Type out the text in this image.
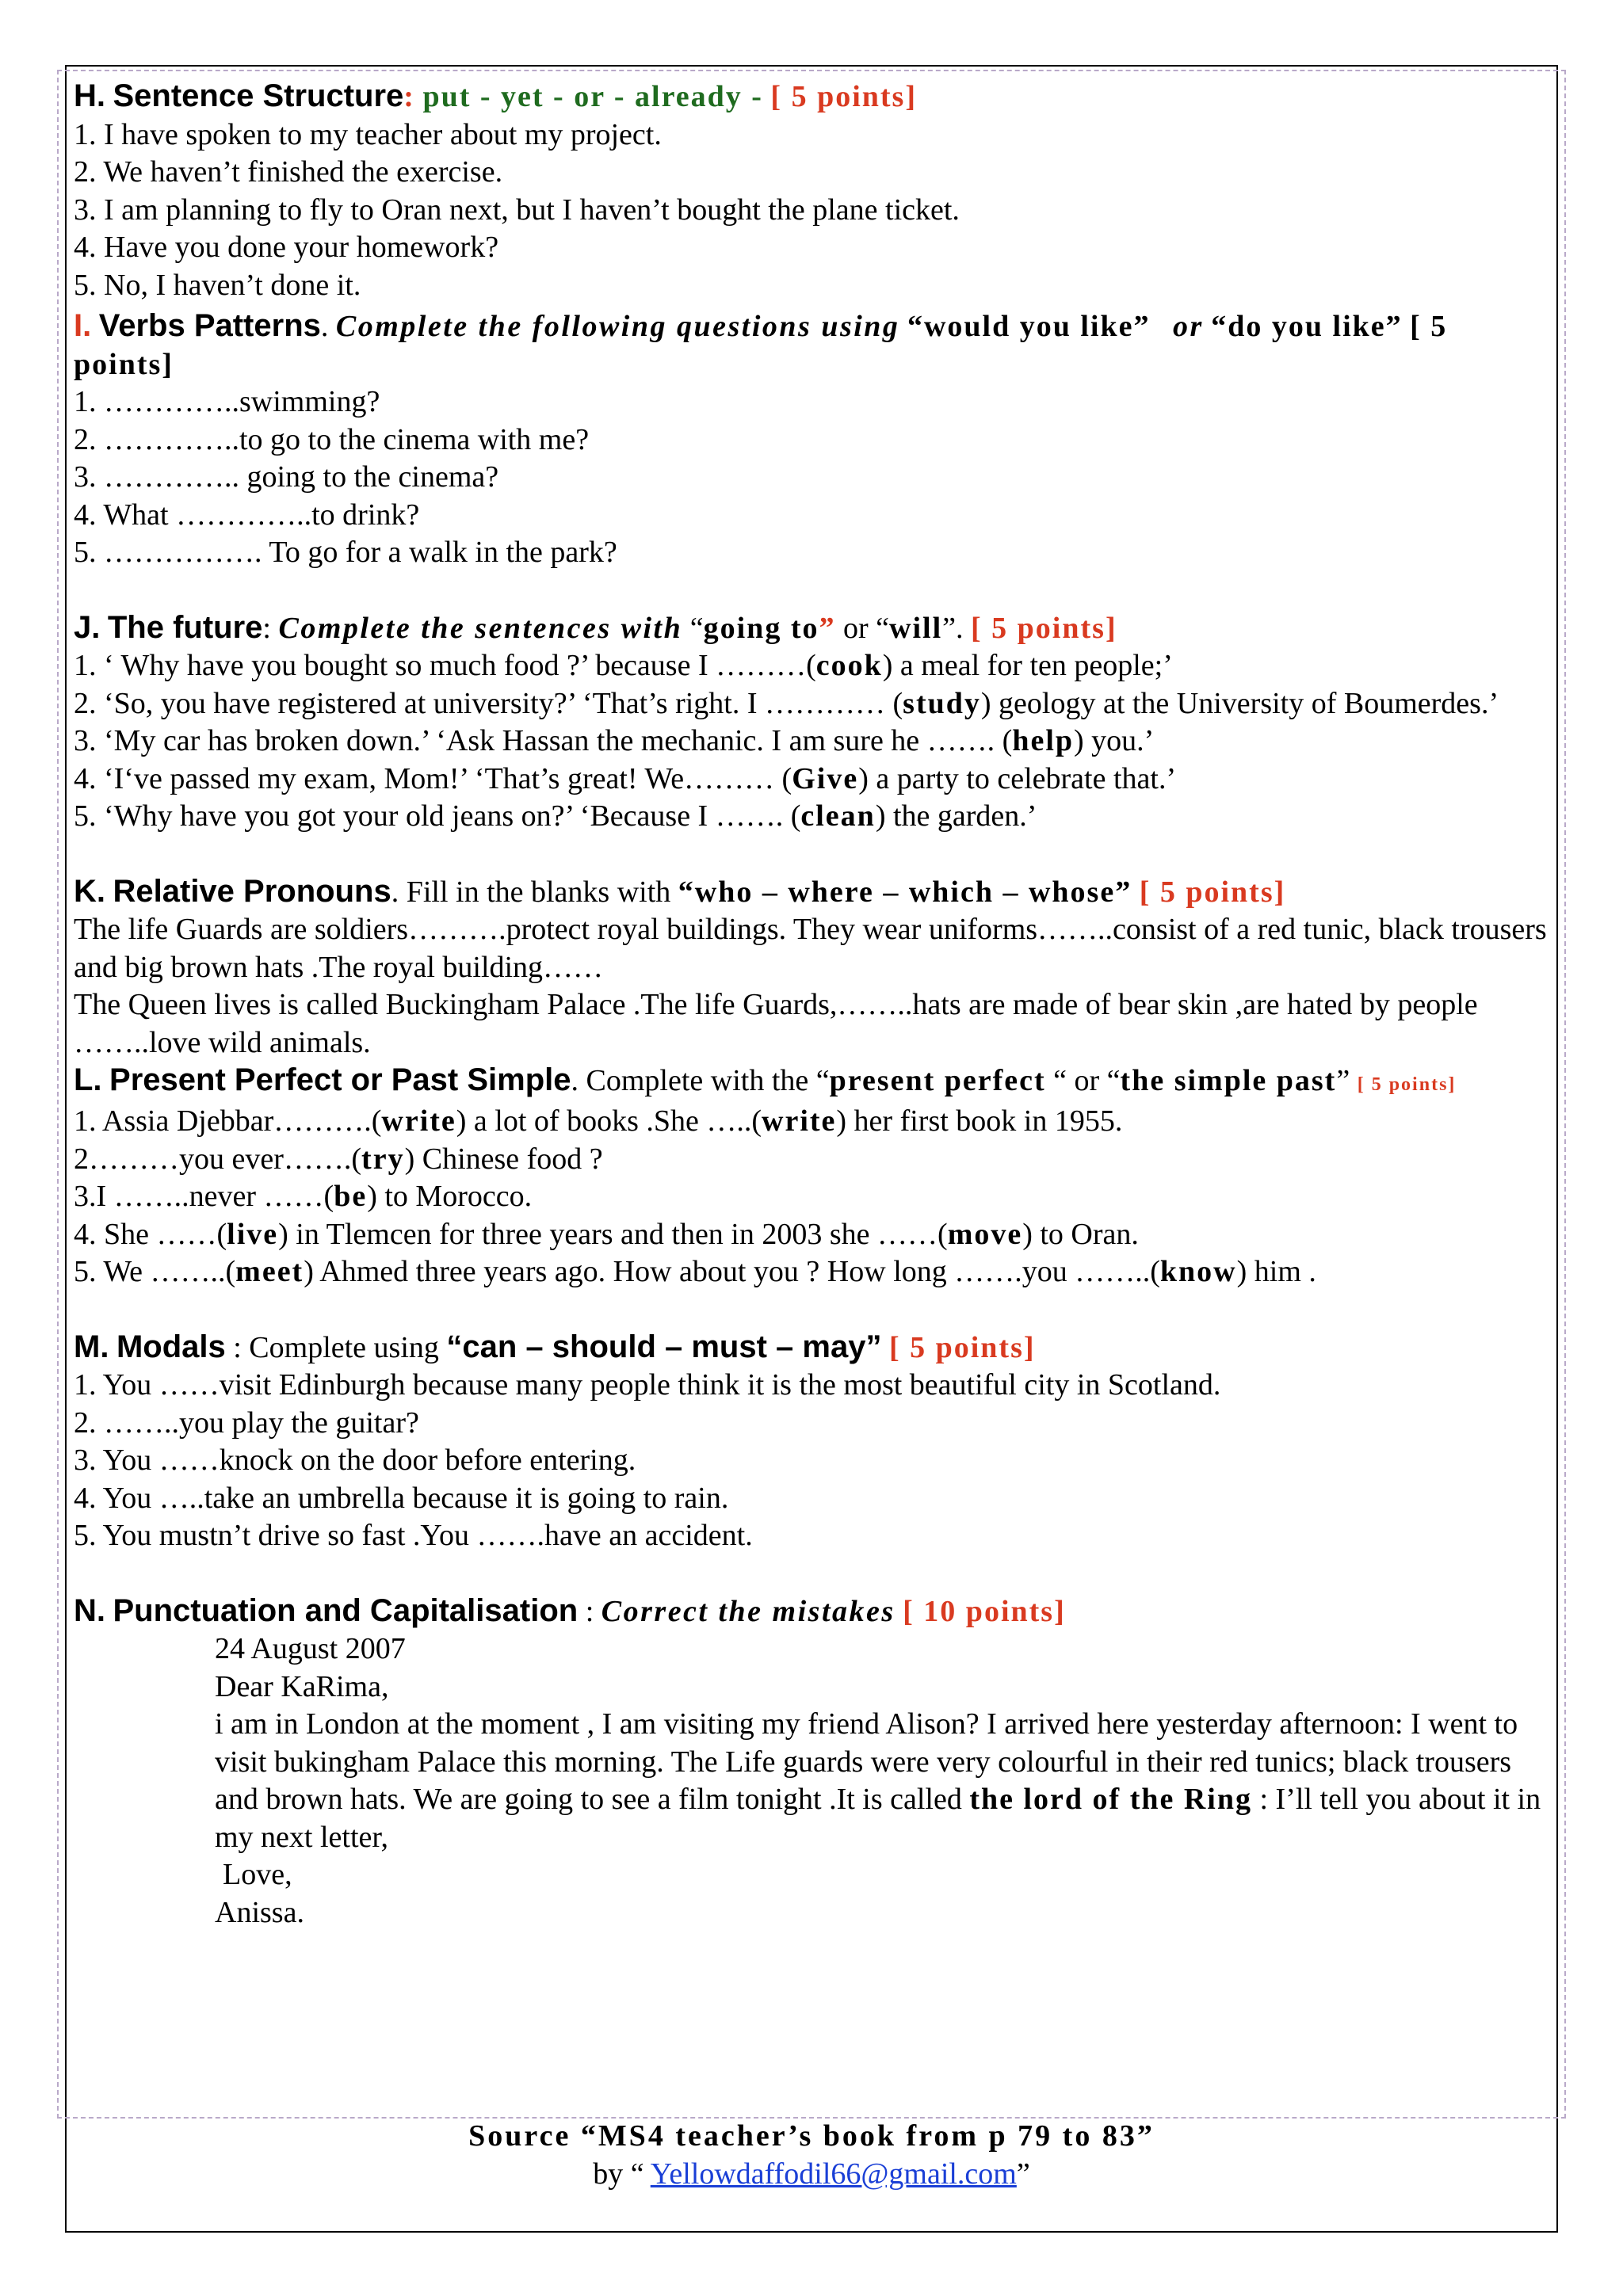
H. Sentence Structure: put - yet - or - already - [ 5 points]
1. I have spoken to my teacher about my project.
2. We haven’t finished the exercise.
3. I am planning to fly to Oran next, but I haven’t bought the plane ticket.
4. Have you done your homework?
5. No, I haven’t done it.
I. Verbs Patterns. Complete the following questions using “would you like” or “do you like” [ 5 points]
1. …………..swimming?
2. …………..to go to the cinema with me?
3. ………….. going to the cinema?
4. What …………..to drink?
5. ……………. To go for a walk in the park?
J. The future: Complete the sentences with “going to” or “will”. [ 5 points]
1. ‘ Why have you bought so much food ?’ because I ………(cook) a meal for ten people;’
2. ‘So, you have registered at university?’ ‘That’s right. I ………… (study) geology at the University of Boumerdes.’
3. ‘My car has broken down.’ ‘Ask Hassan the mechanic. I am sure he ……. (help) you.’
4. ‘I‘ve passed my exam, Mom!’ ‘That’s great! We……… (Give) a party to celebrate that.’
5. ‘Why have you got your old jeans on?’ ‘Because I ……. (clean) the garden.’
K. Relative Pronouns. Fill in the blanks with “who – where – which – whose” [ 5 points]
The life Guards are soldiers……….protect royal buildings. They wear uniforms……..consist of a red tunic, black trousers and big brown hats .The royal building……
The Queen lives is called Buckingham Palace .The life Guards,……..hats are made of bear skin ,are hated by people ……..love wild animals.
L. Present Perfect or Past Simple. Complete with the “present perfect “ or “the simple past” [ 5 points]
1. Assia Djebbar……….(write) a lot of books .She …..(write) her first book in 1955.
2………you ever…….(try) Chinese food ?
3.I ……..never ……(be) to Morocco.
4. She ……(live) in Tlemcen for three years and then in 2003 she ……(move) to Oran.
5. We ……..(meet) Ahmed three years ago. How about you ? How long …….you ……..(know) him .
M. Modals : Complete using “can – should – must – may” [ 5 points]
1. You ……visit Edinburgh because many people think it is the most beautiful city in Scotland.
2. ……..you play the guitar?
3. You ……knock on the door before entering.
4. You …..take an umbrella because it is going to rain.
5. You mustn’t drive so fast .You …….have an accident.
N. Punctuation and Capitalisation : Correct the mistakes [ 10 points]
24 August 2007
Dear KaRima,
i am in London at the moment , I am visiting my friend Alison? I arrived here yesterday afternoon: I went to visit bukingham Palace this morning. The Life guards were very colourful in their red tunics; black trousers and brown hats. We are going to see a film tonight .It is called the lord of the Ring : I’ll tell you about it in my next letter,
Love,
Anissa.
Source “MS4 teacher’s book from p 79 to 83”
by “ Yellowdaffodil66@gmail.com”
